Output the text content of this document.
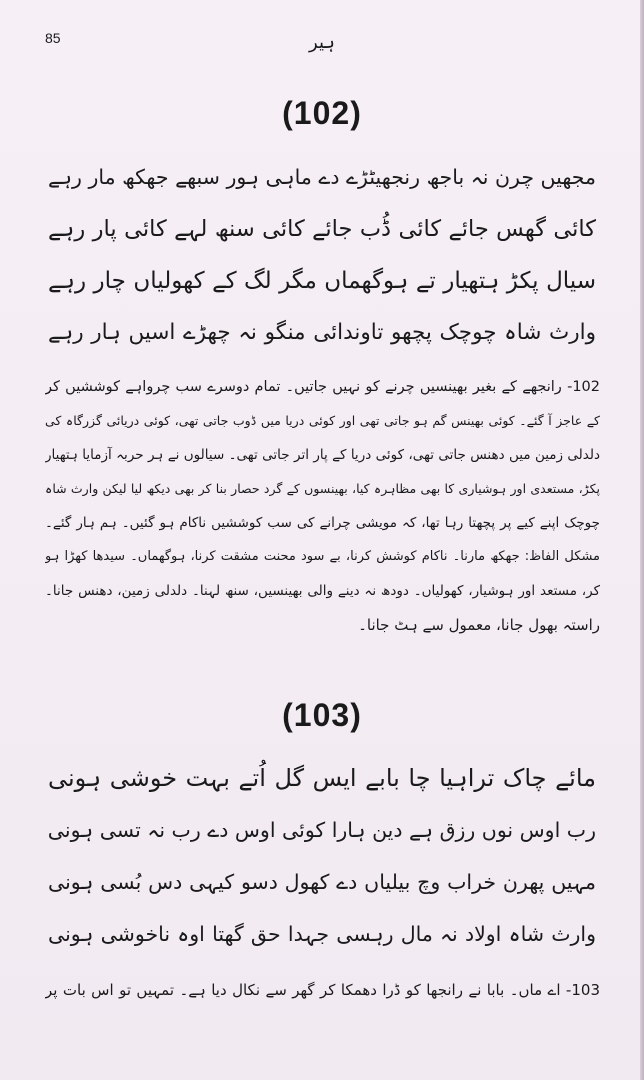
85	ہیر
(102)
مجھیں چرن نہ باجھ رنجھیٹڑے دے ماہی ہور سبھے جھکھ مار رہے
کائی گھس جائے کائی ڈُب جائے کائی سنھ لہے کائی پار رہے
سیال پکڑ ہتھیار تے ہوگھماں مگر لگ کے کھولیاں چار رہے
وارث شاہ چوچک پچھو تاوندائی منگو نہ چھڑے اسیں ہار رہے
102- رانجھے کے بغیر بھینسیں چرنے کو نہیں جاتیں۔ تمام دوسرے سب چرواہے کوششیں کر
کے عاجز آ گئے۔ کوئی بھینس گم ہو جاتی تھی اور کوئی دریا میں ڈوب جاتی تھی، کوئی دریائی گزرگاہ کی
دلدلی زمین میں دھنس جاتی تھی، کوئی دریا کے پار اتر جاتی تھی۔ سیالوں نے ہر حربہ آزمایا ہتھیار
پکڑ، مستعدی اور ہوشیاری کا بھی مظاہرہ کیا، بھینسوں کے گرد حصار بنا کر بھی دیکھ لیا لیکن وارث شاہ
چوچک اپنے کیے پر پچھتا رہا تھا، کہ مویشی چرانے کی سب کوششیں ناکام ہو گئیں۔ ہم ہار گئے۔
مشکل الفاظ: جھکھ مارنا۔ ناکام کوشش کرنا، بے سود محنت مشقت کرنا، ہوگھماں۔ سیدھا کھڑا ہو
کر، مستعد اور ہوشیار، کھولیاں۔ دودھ نہ دینے والی بھینسیں، سنھ لہنا۔ دلدلی زمین، دھنس جانا۔
راستہ بھول جانا، معمول سے ہٹ جانا۔
(103)
مائے چاک تراہیا چا بابے ایس گل اُتے بہت خوشی ہونی
رب اوس نوں رزق ہے دین ہارا کوئی اوس دے رب نہ تسی ہونی
مہیں پھرن خراب وچ بیلیاں دے کھول دسو کیہی دس بُسی ہونی
وارث شاہ اولاد نہ مال رہسی جہدا حق گھتا اوہ ناخوشی ہونی
103- اے ماں۔ بابا نے رانجھا کو ڈرا دھمکا کر گھر سے نکال دیا ہے۔ تمہیں تو اس بات پر
